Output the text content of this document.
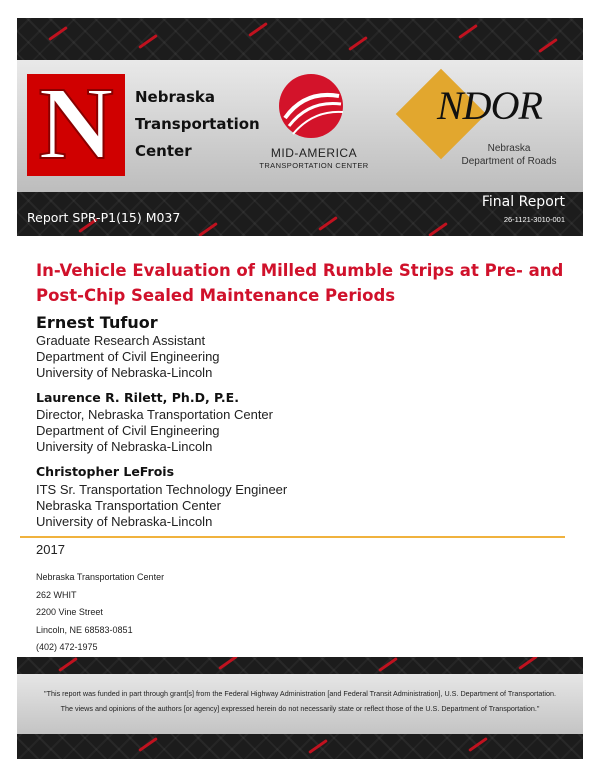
N	Nebraska
Transportation
Center	MID-AMERICA
TRANSPORTATION CENTER
NDOR
Nebraska
Department of Roads
Report SPR-P1(15) M037
Final Report
26-1121-3010-001
In-Vehicle Evaluation of Milled Rumble Strips at Pre- and
Post-Chip Sealed Maintenance Periods
Ernest Tufuor
Graduate Research Assistant
Department of Civil Engineering
University of Nebraska-Lincoln
Laurence R. Rilett, Ph.D, P.E.
Director, Nebraska Transportation Center
Department of Civil Engineering
University of Nebraska-Lincoln
Christopher LeFrois
ITS Sr. Transportation Technology Engineer
Nebraska Transportation Center
University of Nebraska-Lincoln
2017
Nebraska Transportation Center
262 WHIT
2200 Vine Street
Lincoln, NE 68583-0851
(402) 472-1975
"This report was funded in part through grant[s] from the Federal Highway Administration [and Federal Transit Administration], U.S. Department of Transportation.
The views and opinions of the authors [or agency] expressed herein do not necessarily state or reflect those of the U.S. Department of Transportation."
